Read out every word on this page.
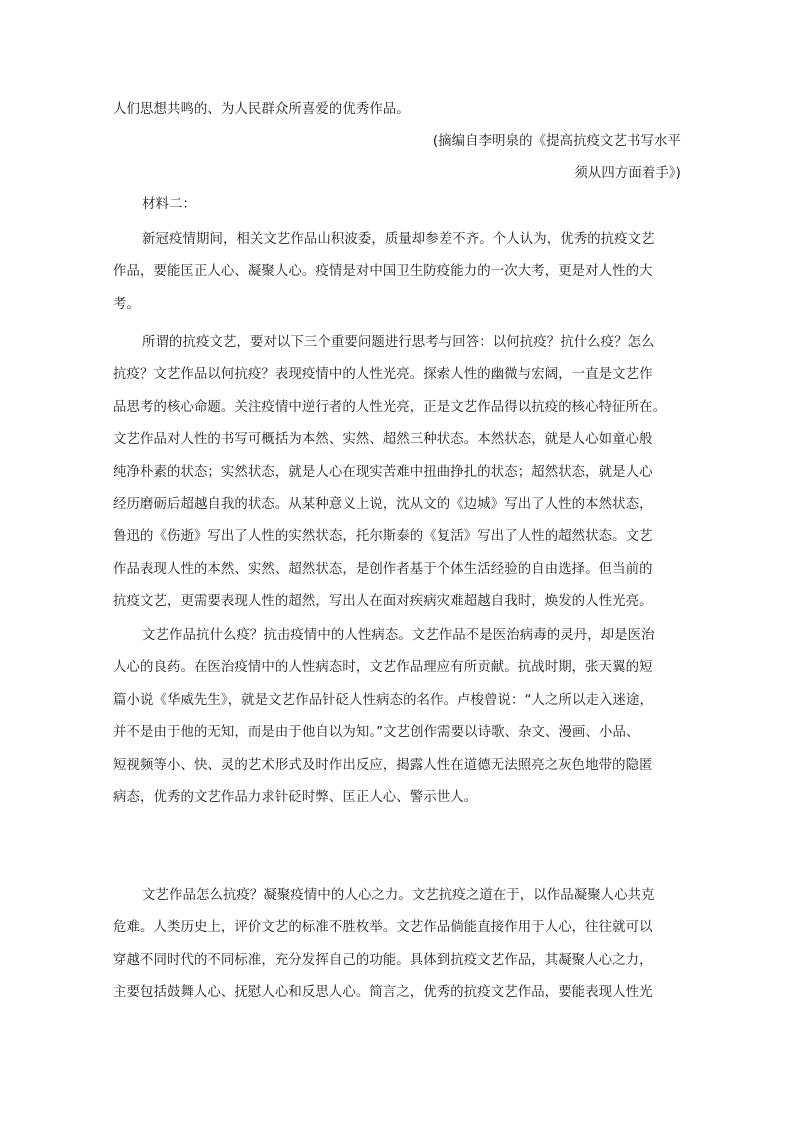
人们思想共鸣的、为人民群众所喜爱的优秀作品。
(摘编自李明泉的《提高抗疫文艺书写水平
须从四方面着手》)
材料二：
新冠疫情期间，相关文艺作品山积波委，质量却参差不齐。个人认为，优秀的抗疫文艺
作品，要能匡正人心、凝聚人心。疫情是对中国卫生防疫能力的一次大考，更是对人性的大
考。
所谓的抗疫文艺，要对以下三个重要问题进行思考与回答：以何抗疫？抗什么疫？怎么
抗疫？文艺作品以何抗疫？表现疫情中的人性光亮。探索人性的幽微与宏阔，一直是文艺作
品思考的核心命题。关注疫情中逆行者的人性光亮，正是文艺作品得以抗疫的核心特征所在。
文艺作品对人性的书写可概括为本然、实然、超然三种状态。本然状态，就是人心如童心般
纯净朴素的状态；实然状态，就是人心在现实苦难中扭曲挣扎的状态；超然状态，就是人心
经历磨砺后超越自我的状态。从某种意义上说，沈从文的《边城》写出了人性的本然状态，
鲁迅的《伤逝》写出了人性的实然状态，托尔斯泰的《复活》写出了人性的超然状态。文艺
作品表现人性的本然、实然、超然状态，是创作者基于个体生活经验的自由选择。但当前的
抗疫文艺，更需要表现人性的超然，写出人在面对疾病灾难超越自我时，焕发的人性光亮。
文艺作品抗什么疫？抗击疫情中的人性病态。文艺作品不是医治病毒的灵丹，却是医治
人心的良药。在医治疫情中的人性病态时，文艺作品理应有所贡献。抗战时期，张天翼的短
篇小说《华威先生》，就是文艺作品针砭人性病态的名作。卢梭曾说：“人之所以走入迷途，
并不是由于他的无知，而是由于他自以为知。”文艺创作需要以诗歌、杂文、漫画、小品、
短视频等小、快、灵的艺术形式及时作出反应，揭露人性在道德无法照亮之灰色地带的隐匿
病态，优秀的文艺作品力求针砭时弊、匡正人心、警示世人。
文艺作品怎么抗疫？凝聚疫情中的人心之力。文艺抗疫之道在于，以作品凝聚人心共克
危难。人类历史上，评价文艺的标准不胜枚举。文艺作品倘能直接作用于人心，往往就可以
穿越不同时代的不同标准，充分发挥自己的功能。具体到抗疫文艺作品，其凝聚人心之力，
主要包括鼓舞人心、抚慰人心和反思人心。简言之，优秀的抗疫文艺作品，要能表现人性光
